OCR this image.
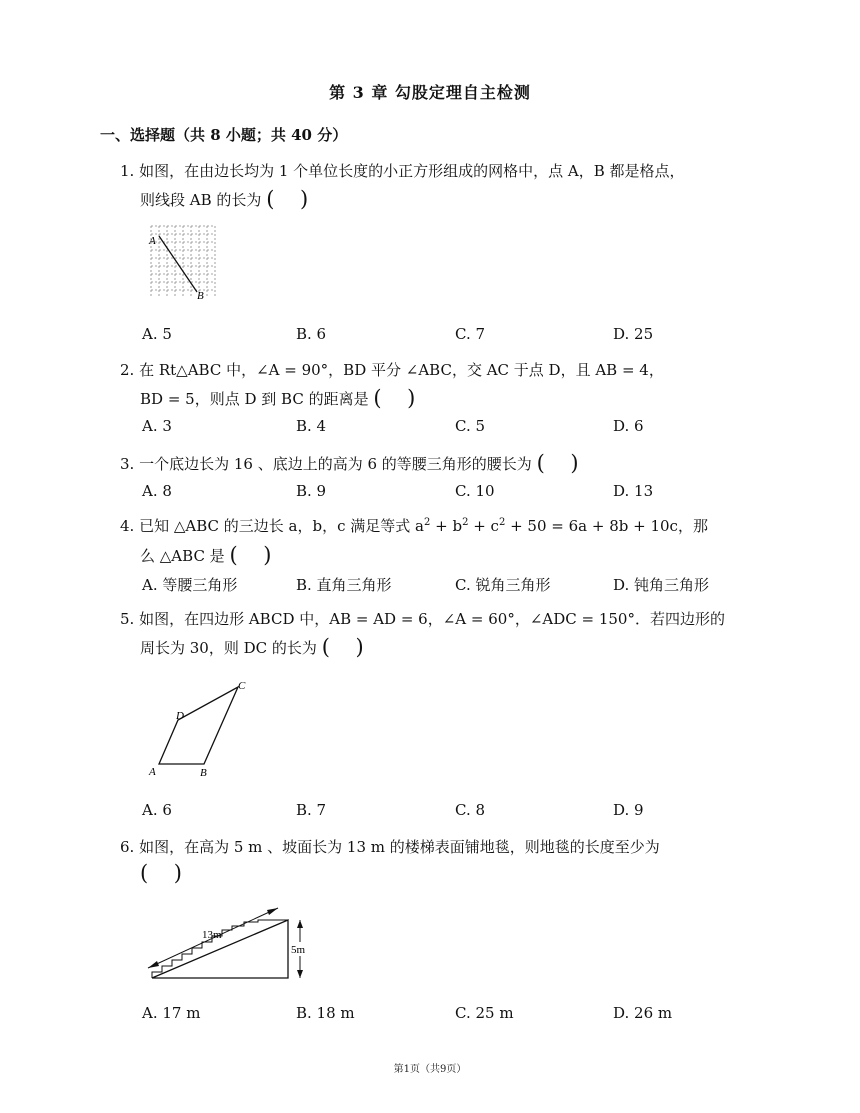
第 3 章 勾股定理自主检测
一、选择题（共 8 小题；共 40 分）
1. 如图，在由边长均为 1 个单位长度的小正方形组成的网格中，点 A，B 都是格点，
则线段 AB 的长为 (   )
A
B
A. 5	B. 6	C. 7	D. 25
2. 在 Rt△ABC 中，∠A = 90°，BD 平分 ∠ABC，交 AC 于点 D，且 AB = 4，
BD = 5，则点 D 到 BC 的距离是 (   )
A. 3	B. 4	C. 5	D. 6
3. 一个底边长为 16 、底边上的高为 6 的等腰三角形的腰长为 (   )
A. 8	B. 9	C. 10	D. 13
4. 已知 △ABC 的三边长 a，b，c 满足等式 $a^2 + b^2 + c^2 + 50 = 6a + 8b + 10c$，那
么 △ABC 是 (   )
A. 等腰三角形	B. 直角三角形	C. 锐角三角形	D. 钝角三角形
5. 如图，在四边形 ABCD 中，AB = AD = 6，∠A = 60°，∠ADC = 150°．若四边形的
周长为 30，则 DC 的长为 (   )
A	B
C
D
A. 6	B. 7	C. 8	D. 9
6. 如图，在高为 5 m 、坡面长为 13 m 的楼梯表面铺地毯，则地毯的长度至少为
(   )
13m
5m
A. 17 m	B. 18 m	C. 25 m	D. 26 m
第1页（共9页）
